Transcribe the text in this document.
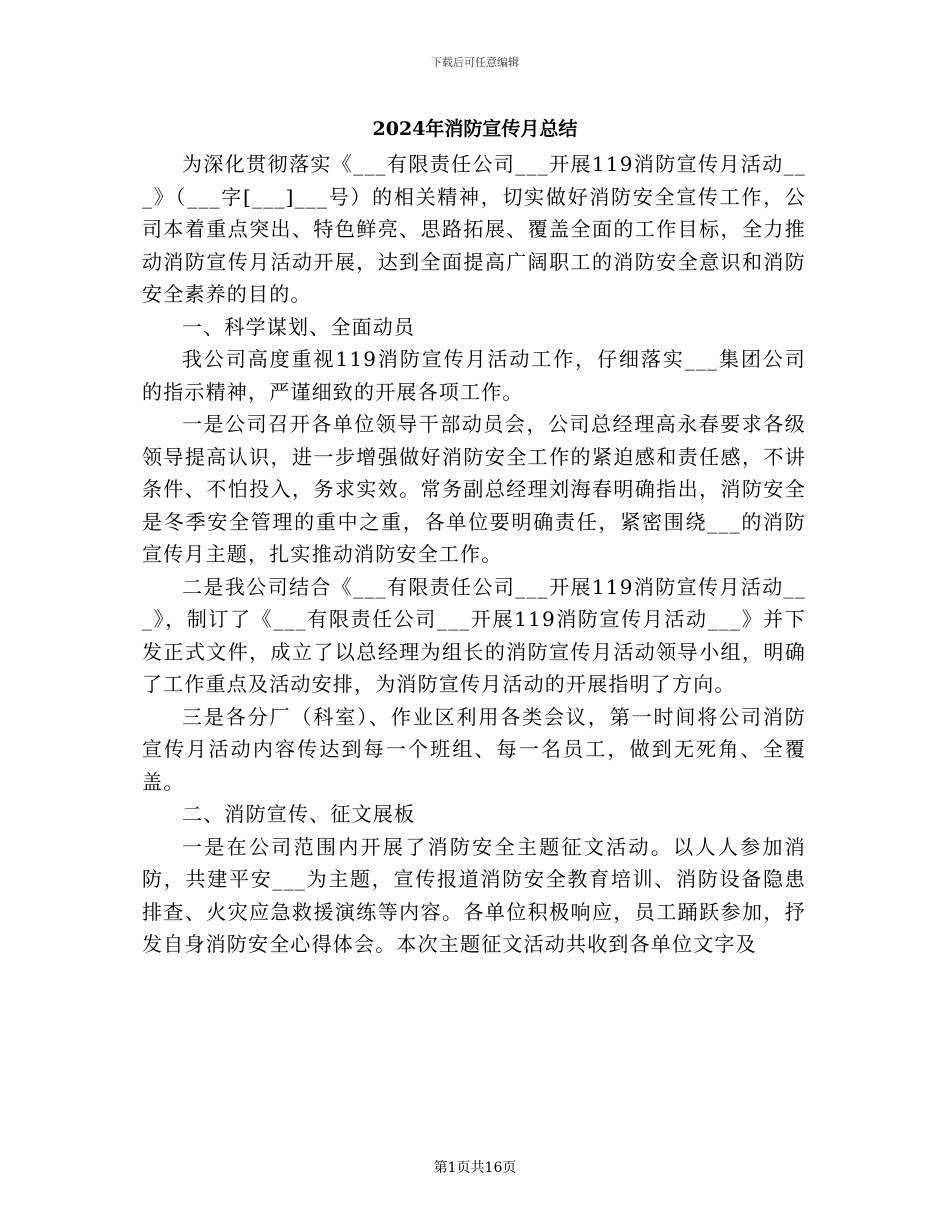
下载后可任意编辑
2024年消防宣传月总结

为深化贯彻落实《___有限责任公司___开展119消防宣传月活动___》（___字[___]___号）的相关精神，切实做好消防安全宣传工作，公司本着重点突出、特色鲜亮、思路拓展、覆盖全面的工作目标，全力推动消防宣传月活动开展，达到全面提高广阔职工的消防安全意识和消防安全素养的目的。

一、科学谋划、全面动员

我公司高度重视119消防宣传月活动工作，仔细落实___集团公司的指示精神，严谨细致的开展各项工作。

一是公司召开各单位领导干部动员会，公司总经理高永春要求各级领导提高认识，进一步增强做好消防安全工作的紧迫感和责任感，不讲条件、不怕投入，务求实效。常务副总经理刘海春明确指出，消防安全是冬季安全管理的重中之重，各单位要明确责任，紧密围绕___的消防宣传月主题，扎实推动消防安全工作。

二是我公司结合《___有限责任公司___开展119消防宣传月活动___》，制订了《___有限责任公司___开展119消防宣传月活动___》并下发正式文件，成立了以总经理为组长的消防宣传月活动领导小组，明确了工作重点及活动安排，为消防宣传月活动的开展指明了方向。

三是各分厂（科室）、作业区利用各类会议，第一时间将公司消防宣传月活动内容传达到每一个班组、每一名员工，做到无死角、全覆盖。

二、消防宣传、征文展板

一是在公司范围内开展了消防安全主题征文活动。以人人参加消防，共建平安___为主题，宣传报道消防安全教育培训、消防设备隐患排查、火灾应急救援演练等内容。各单位积极响应，员工踊跃参加，抒发自身消防安全心得体会。本次主题征文活动共收到各单位文字及

第1页共16页
